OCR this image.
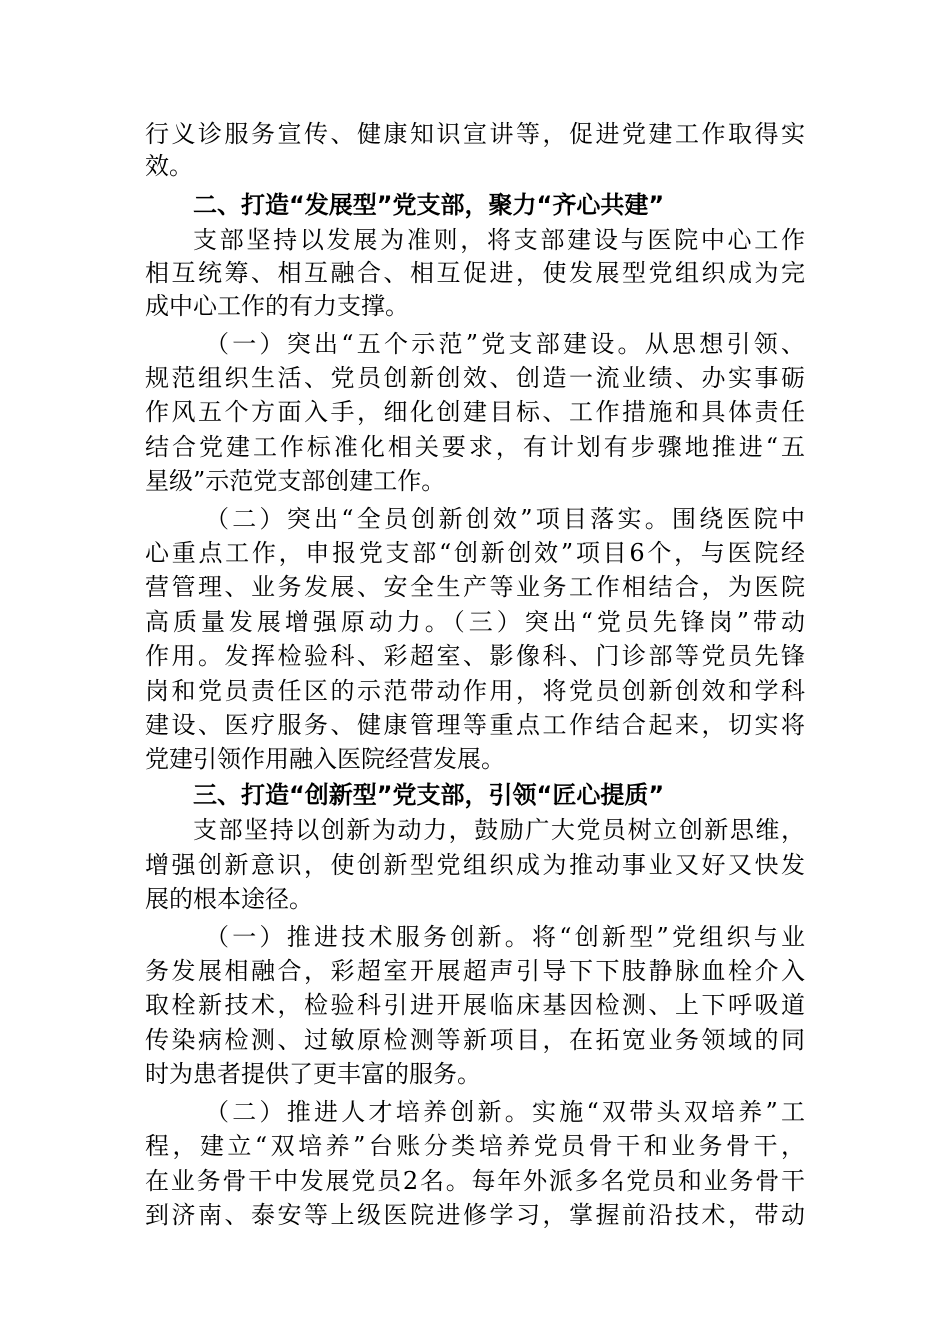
行义诊服务宣传、健康知识宣讲等，促进党建工作取得实
效。
二、打造“发展型”党支部，聚力“齐心共建”
支部坚持以发展为准则，将支部建设与医院中心工作
相互统筹、相互融合、相互促进，使发展型党组织成为完
成中心工作的有力支撑。
（一）突出“五个示范”党支部建设。从思想引领、
规范组织生活、党员创新创效、创造一流业绩、办实事砺
作风五个方面入手，细化创建目标、工作措施和具体责任
结合党建工作标准化相关要求，有计划有步骤地推进“五
星级”示范党支部创建工作。
（二）突出“全员创新创效”项目落实。围绕医院中
心重点工作，申报党支部“创新创效”项目6个，与医院经
营管理、业务发展、安全生产等业务工作相结合，为医院
高质量发展增强原动力。（三）突出“党员先锋岗”带动
作用。发挥检验科、彩超室、影像科、门诊部等党员先锋
岗和党员责任区的示范带动作用，将党员创新创效和学科
建设、医疗服务、健康管理等重点工作结合起来，切实将
党建引领作用融入医院经营发展。
三、打造“创新型”党支部，引领“匠心提质”
支部坚持以创新为动力，鼓励广大党员树立创新思维，
增强创新意识，使创新型党组织成为推动事业又好又快发
展的根本途径。
（一）推进技术服务创新。将“创新型”党组织与业
务发展相融合，彩超室开展超声引导下下肢静脉血栓介入
取栓新技术，检验科引进开展临床基因检测、上下呼吸道
传染病检测、过敏原检测等新项目，在拓宽业务领域的同
时为患者提供了更丰富的服务。
（二）推进人才培养创新。实施“双带头双培养”工
程，建立“双培养”台账分类培养党员骨干和业务骨干，
在业务骨干中发展党员2名。每年外派多名党员和业务骨干
到济南、泰安等上级医院进修学习，掌握前沿技术，带动
